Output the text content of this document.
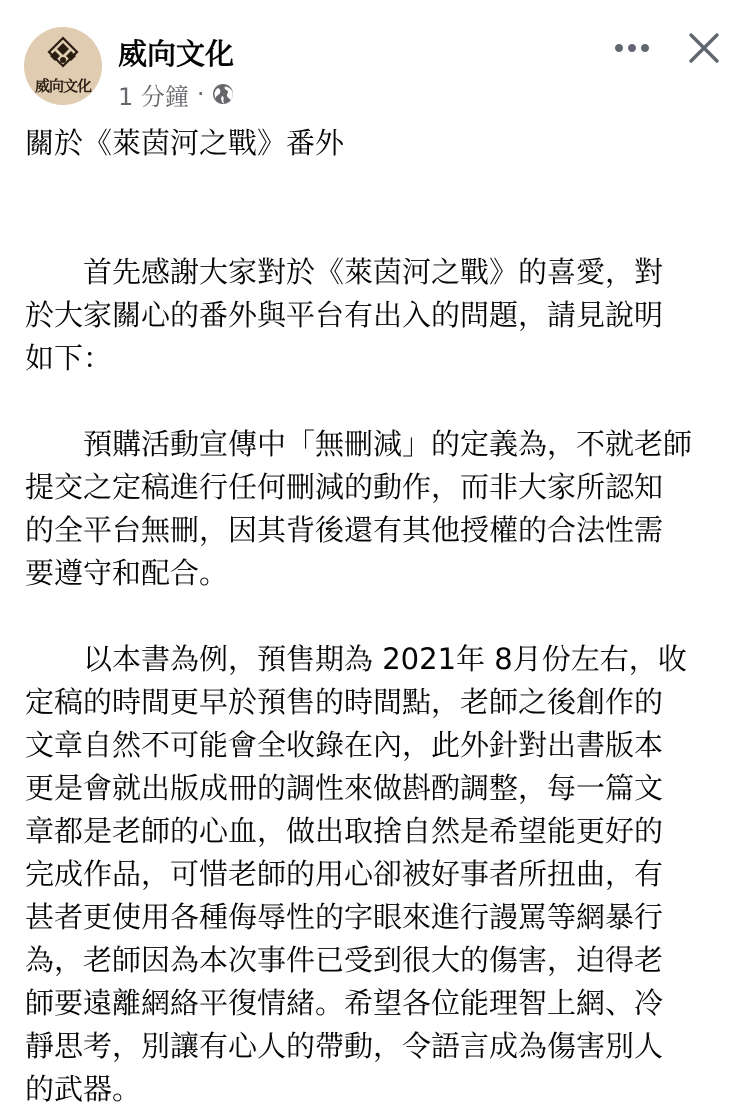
威向文化
威向文化
1 分鐘 ·

關於《萊茵河之戰》番外

　　首先感謝大家對於《萊茵河之戰》的喜愛，對

於大家關心的番外與平台有出入的問題，請見說明

如下：

　　預購活動宣傳中「無刪減」的定義為，不就老師

提交之定稿進行任何刪減的動作，而非大家所認知

的全平台無刪，因其背後還有其他授權的合法性需

要遵守和配合。

　　以本書為例，預售期為 2021年 8月份左右，收

定稿的時間更早於預售的時間點，老師之後創作的

文章自然不可能會全收錄在內，此外針對出書版本

更是會就出版成冊的調性來做斟酌調整，每一篇文

章都是老師的心血，做出取捨自然是希望能更好的

完成作品，可惜老師的用心卻被好事者所扭曲，有

甚者更使用各種侮辱性的字眼來進行謾罵等網暴行

為，老師因為本次事件已受到很大的傷害，迫得老

師要遠離網絡平復情緒。希望各位能理智上網、冷

靜思考，別讓有心人的帶動，令語言成為傷害別人

的武器。
